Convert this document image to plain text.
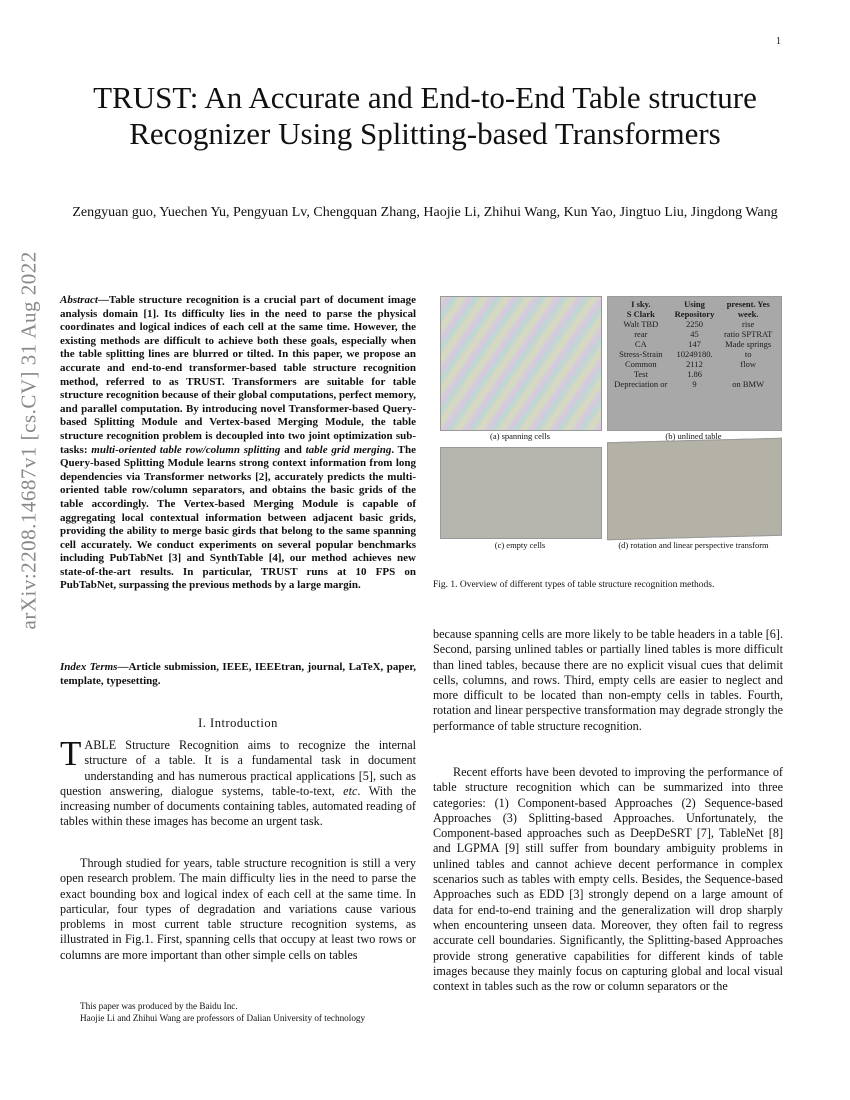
1
arXiv:2208.14687v1 [cs.CV] 31 Aug 2022
TRUST: An Accurate and End-to-End Table structure Recognizer Using Splitting-based Transformers
Zengyuan guo, Yuechen Yu, Pengyuan Lv, Chengquan Zhang, Haojie Li, Zhihui Wang, Kun Yao, Jingtuo Liu, Jingdong Wang
Abstract—Table structure recognition is a crucial part of document image analysis domain [1]. Its difficulty lies in the need to parse the physical coordinates and logical indices of each cell at the same time. However, the existing methods are difficult to achieve both these goals, especially when the table splitting lines are blurred or tilted. In this paper, we propose an accurate and end-to-end transformer-based table structure recognition method, referred to as TRUST. Transformers are suitable for table structure recognition because of their global computations, perfect memory, and parallel computation. By introducing novel Transformer-based Query-based Splitting Module and Vertex-based Merging Module, the table structure recognition problem is decoupled into two joint optimization sub-tasks: multi-oriented table row/column splitting and table grid merging. The Query-based Splitting Module learns strong context information from long dependencies via Transformer networks [2], accurately predicts the multi-oriented table row/column separators, and obtains the basic grids of the table accordingly. The Vertex-based Merging Module is capable of aggregating local contextual information between adjacent basic grids, providing the ability to merge basic girds that belong to the same spanning cell accurately. We conduct experiments on several popular benchmarks including PubTabNet [3] and SynthTable [4], our method achieves new state-of-the-art results. In particular, TRUST runs at 10 FPS on PubTabNet, surpassing the previous methods by a large margin.
Index Terms—Article submission, IEEE, IEEEtran, journal, LaTeX, paper, template, typesetting.
I. Introduction
TABLE Structure Recognition aims to recognize the internal structure of a table. It is a fundamental task in document understanding and has numerous practical applications [5], such as question answering, dialogue systems, table-to-text, etc. With the increasing number of documents containing tables, automated reading of tables within these images has become an urgent task.
Through studied for years, table structure recognition is still a very open research problem. The main difficulty lies in the need to parse the exact bounding box and logical index of each cell at the same time. In particular, four types of degradation and variations cause various problems in most current table structure recognition systems, as illustrated in Fig.1. First, spanning cells that occupy at least two rows or columns are more important than other simple cells on tables
This paper was produced by the Baidu Inc.
Haojie Li and Zhihui Wang are professors of Dalian University of technology
I sky.	Using	present. Yes
S Clark	Repository	week.
Walt TBD	2250	rise
rear	45	ratio SPTRAT
CA	147	Made springs
Stress-Strain	10249180.	to
Common	2112	flow
Test	1.86
Depreciation or	9	on BMW
(a) spanning cells	(b) unlined table
(c) empty cells	(d) rotation and linear perspective transform
Fig. 1. Overview of different types of table structure recognition methods.
because spanning cells are more likely to be table headers in a table [6]. Second, parsing unlined tables or partially lined tables is more difficult than lined tables, because there are no explicit visual cues that delimit cells, columns, and rows. Third, empty cells are easier to neglect and more difficult to be located than non-empty cells in tables. Fourth, rotation and linear perspective transformation may degrade strongly the performance of table structure recognition.
Recent efforts have been devoted to improving the performance of table structure recognition which can be summarized into three categories: (1) Component-based Approaches (2) Sequence-based Approaches (3) Splitting-based Approaches. Unfortunately, the Component-based approaches such as DeepDeSRT [7], TableNet [8] and LGPMA [9] still suffer from boundary ambiguity problems in unlined tables and cannot achieve decent performance in complex scenarios such as tables with empty cells. Besides, the Sequence-based Approaches such as EDD [3] strongly depend on a large amount of data for end-to-end training and the generalization will drop sharply when encountering unseen data. Moreover, they often fail to regress accurate cell boundaries. Significantly, the Splitting-based Approaches provide strong generative capabilities for different kinds of table images because they mainly focus on capturing global and local visual context in tables such as the row or column separators or the
